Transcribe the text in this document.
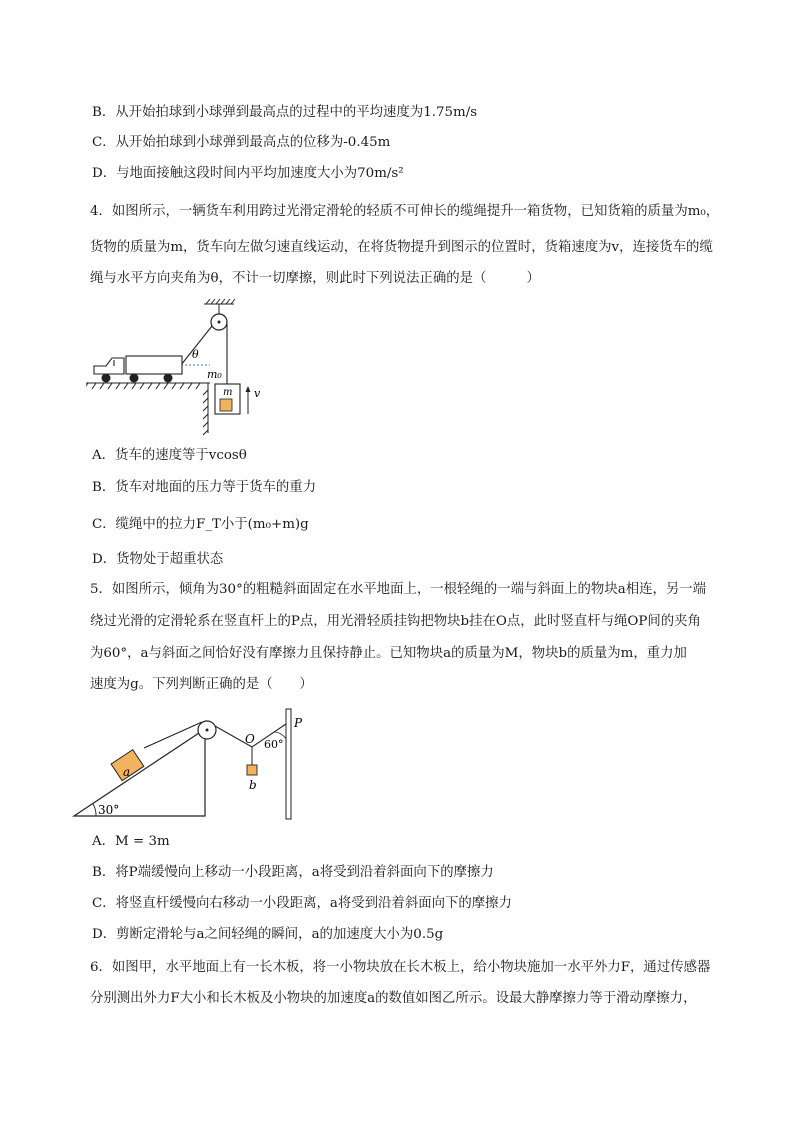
B．从开始拍球到小球弹到最高点的过程中的平均速度为1.75m/s
C．从开始拍球到小球弹到最高点的位移为-0.45m
D．与地面接触这段时间内平均加速度大小为70m/s²
4．如图所示，一辆货车利用跨过光滑定滑轮的轻质不可伸长的缆绳提升一箱货物，已知货箱的质量为m₀，
货物的质量为m，货车向左做匀速直线运动，在将货物提升到图示的位置时，货箱速度为v，连接货车的缆
绳与水平方向夹角为θ，不计一切摩擦，则此时下列说法正确的是（　　　）
θ
m₀
m v
A．货车的速度等于vcosθ
B．货车对地面的压力等于货车的重力
C．缆绳中的拉力F_T小于(m₀+m)g
D．货物处于超重状态
5．如图所示，倾角为30°的粗糙斜面固定在水平地面上，一根轻绳的一端与斜面上的物块a相连，另一端
绕过光滑的定滑轮系在竖直杆上的P点，用光滑轻质挂钩把物块b挂在O点，此时竖直杆与绳OP间的夹角
为60°，a与斜面之间恰好没有摩擦力且保持静止。已知物块a的质量为M，物块b的质量为m，重力加
速度为g。下列判断正确的是（　　）
a
30°
O
P
60°
b
A．M = 3m
B．将P端缓慢向上移动一小段距离，a将受到沿着斜面向下的摩擦力
C．将竖直杆缓慢向右移动一小段距离，a将受到沿着斜面向下的摩擦力
D．剪断定滑轮与a之间轻绳的瞬间，a的加速度大小为0.5g
6．如图甲，水平地面上有一长木板，将一小物块放在长木板上，给小物块施加一水平外力F，通过传感器
分别测出外力F大小和长木板及小物块的加速度a的数值如图乙所示。设最大静摩擦力等于滑动摩擦力，
